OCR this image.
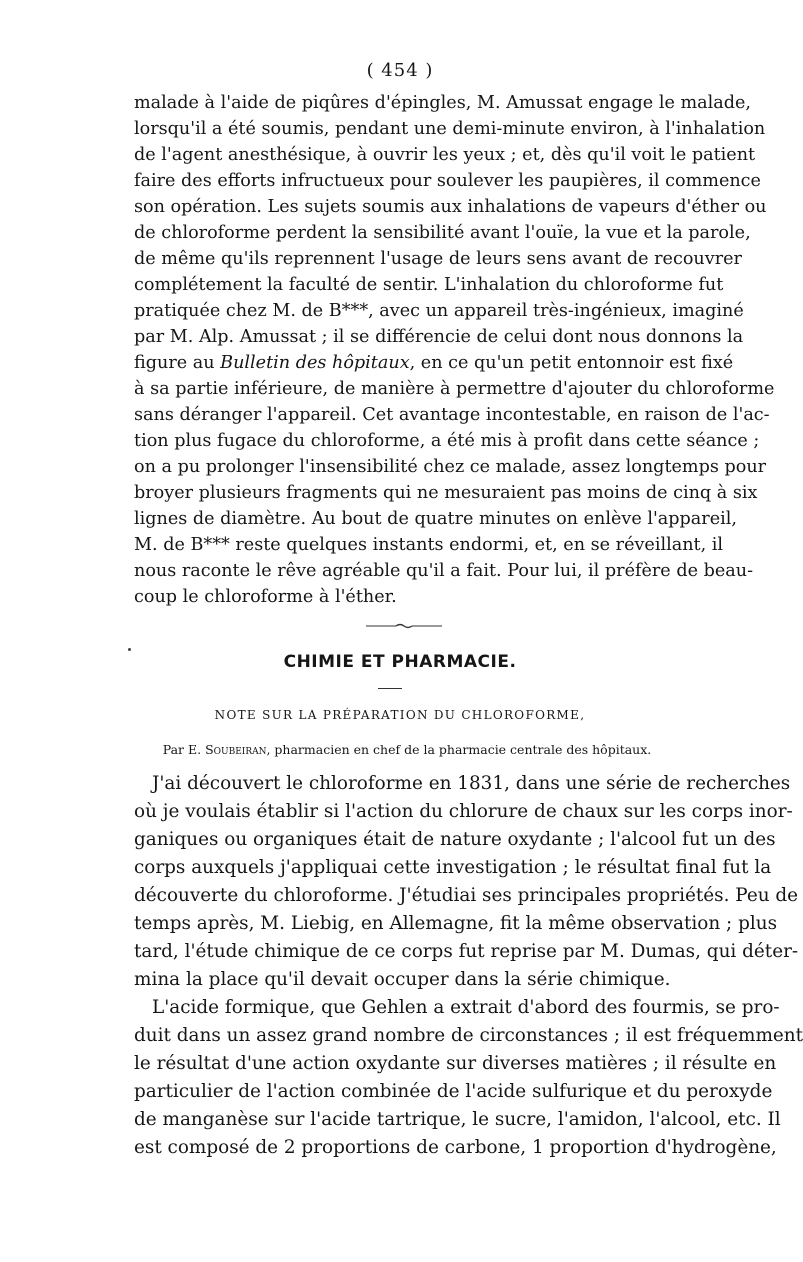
( 454 )
malade à l'aide de piqûres d'épingles, M. Amussat engage le malade,
lorsqu'il a été soumis, pendant une demi-minute environ, à l'inhalation
de l'agent anesthésique, à ouvrir les yeux ; et, dès qu'il voit le patient
faire des efforts infructueux pour soulever les paupières, il commence
son opération. Les sujets soumis aux inhalations de vapeurs d'éther ou
de chloroforme perdent la sensibilité avant l'ouïe, la vue et la parole,
de même qu'ils reprennent l'usage de leurs sens avant de recouvrer
complétement la faculté de sentir. L'inhalation du chloroforme fut
pratiquée chez M. de B***, avec un appareil très-ingénieux, imaginé
par M. Alp. Amussat ; il se différencie de celui dont nous donnons la
figure au Bulletin des hôpitaux, en ce qu'un petit entonnoir est fixé
à sa partie inférieure, de manière à permettre d'ajouter du chloroforme
sans déranger l'appareil. Cet avantage incontestable, en raison de l'ac-
tion plus fugace du chloroforme, a été mis à profit dans cette séance ;
on a pu prolonger l'insensibilité chez ce malade, assez longtemps pour
broyer plusieurs fragments qui ne mesuraient pas moins de cinq à six
lignes de diamètre. Au bout de quatre minutes on enlève l'appareil,
M. de B*** reste quelques instants endormi, et, en se réveillant, il
nous raconte le rêve agréable qu'il a fait. Pour lui, il préfère de beau-
coup le chloroforme à l'éther.
CHIMIE ET PHARMACIE.
NOTE SUR LA PRÉPARATION DU CHLOROFORME,
Par E. Soubeiran, pharmacien en chef de la pharmacie centrale des hôpitaux.
J'ai découvert le chloroforme en 1831, dans une série de recherches
où je voulais établir si l'action du chlorure de chaux sur les corps inor-
ganiques ou organiques était de nature oxydante ; l'alcool fut un des
corps auxquels j'appliquai cette investigation ; le résultat final fut la
découverte du chloroforme. J'étudiai ses principales propriétés. Peu de
temps après, M. Liebig, en Allemagne, fit la même observation ; plus
tard, l'étude chimique de ce corps fut reprise par M. Dumas, qui déter-
mina la place qu'il devait occuper dans la série chimique.
L'acide formique, que Gehlen a extrait d'abord des fourmis, se pro-
duit dans un assez grand nombre de circonstances ; il est fréquemment
le résultat d'une action oxydante sur diverses matières ; il résulte en
particulier de l'action combinée de l'acide sulfurique et du peroxyde
de manganèse sur l'acide tartrique, le sucre, l'amidon, l'alcool, etc. Il
est composé de 2 proportions de carbone, 1 proportion d'hydrogène,
